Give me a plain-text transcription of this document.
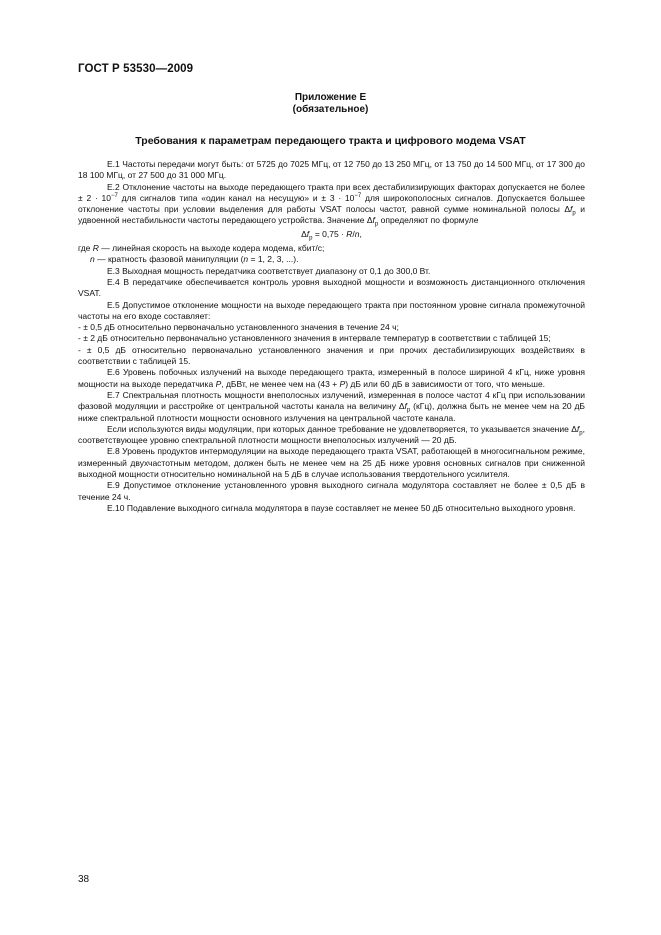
ГОСТ Р 53530—2009
Приложение Е
(обязательное)
Требования к параметрам передающего тракта и цифрового модема VSAT

Е.1 Частоты передачи могут быть: от 5725 до 7025 МГц, от 12 750 до 13 250 МГц, от 13 750 до 14 500 МГц, от 17 300 до 18 100 МГц, от 27 500 до 31 000 МГц.

Е.2 Отклонение частоты на выходе передающего тракта при всех дестабилизирующих факторах допускается не более ± $2 \cdot 10^{-7}$ для сигналов типа «один канал на несущую» $и \pm 3 \cdot 10^{-7}$ для широкополосных сигналов. Допускается большее отклонение частоты при условии выделения для работы VSAT полосы частот, равной сумме номинальной полосы $\Delta f_р$ и удвоенной нестабильности частоты передающего устройства. Значение $\Delta f_р$ определяют по формуле

$\Delta f_р = 0,75 \cdot R/n$,

где R — линейная скорость на выходе кодера модема, кбит/с;

n — кратность фазовой манипуляции (n = 1, 2, 3, ...).

Е.3 Выходная мощность передатчика соответствует диапазону от 0,1 до 300,0 Вт.

Е.4 В передатчике обеспечивается контроль уровня выходной мощности и возможность дистанционного отключения VSAT.

Е.5 Допустимое отклонение мощности на выходе передающего тракта при постоянном уровне сигнала промежуточной частоты на его входе составляет:

- ± 0,5 дБ относительно первоначально установленного значения в течение 24 ч;

- ± 2 дБ относительно первоначально установленного значения в интервале температур в соответствии с таблицей 15;

- ± 0,5 дБ относительно первоначально установленного значения и при прочих дестабилизирующих воздействиях в соответствии с таблицей 15.

Е.6 Уровень побочных излучений на выходе передающего тракта, измеренный в полосе шириной 4 кГц, ниже уровня мощности на выходе передатчика P, дБВт, не менее чем на (43 + P) дБ или 60 дБ в зависимости от того, что меньше.

Е.7 Спектральная плотность мощности внеполосных излучений, измеренная в полосе частот 4 кГц при использовании фазовой модуляции и расстройке от центральной частоты канала на величину $\Delta f_р$ (кГц), должна быть не менее чем на 20 дБ ниже спектральной плотности мощности основного излучения на центральной частоте канала.

Если используются виды модуляции, при которых данное требование не удовлетворяется, то указывается значение $\Delta f_р$, соответствующее уровню спектральной плотности мощности внеполосных излучений — 20 дБ.

Е.8 Уровень продуктов интермодуляции на выходе передающего тракта VSAT, работающей в многосигнальном режиме, измеренный двухчастотным методом, должен быть не менее чем на 25 дБ ниже уровня основных сигналов при сниженной выходной мощности относительно номинальной на 5 дБ в случае использования твердотельного усилителя.

Е.9 Допустимое отклонение установленного уровня выходного сигнала модулятора составляет не более ± 0,5 дБ в течение 24 ч.

Е.10 Подавление выходного сигнала модулятора в паузе составляет не менее 50 дБ относительно выходного уровня.

38
